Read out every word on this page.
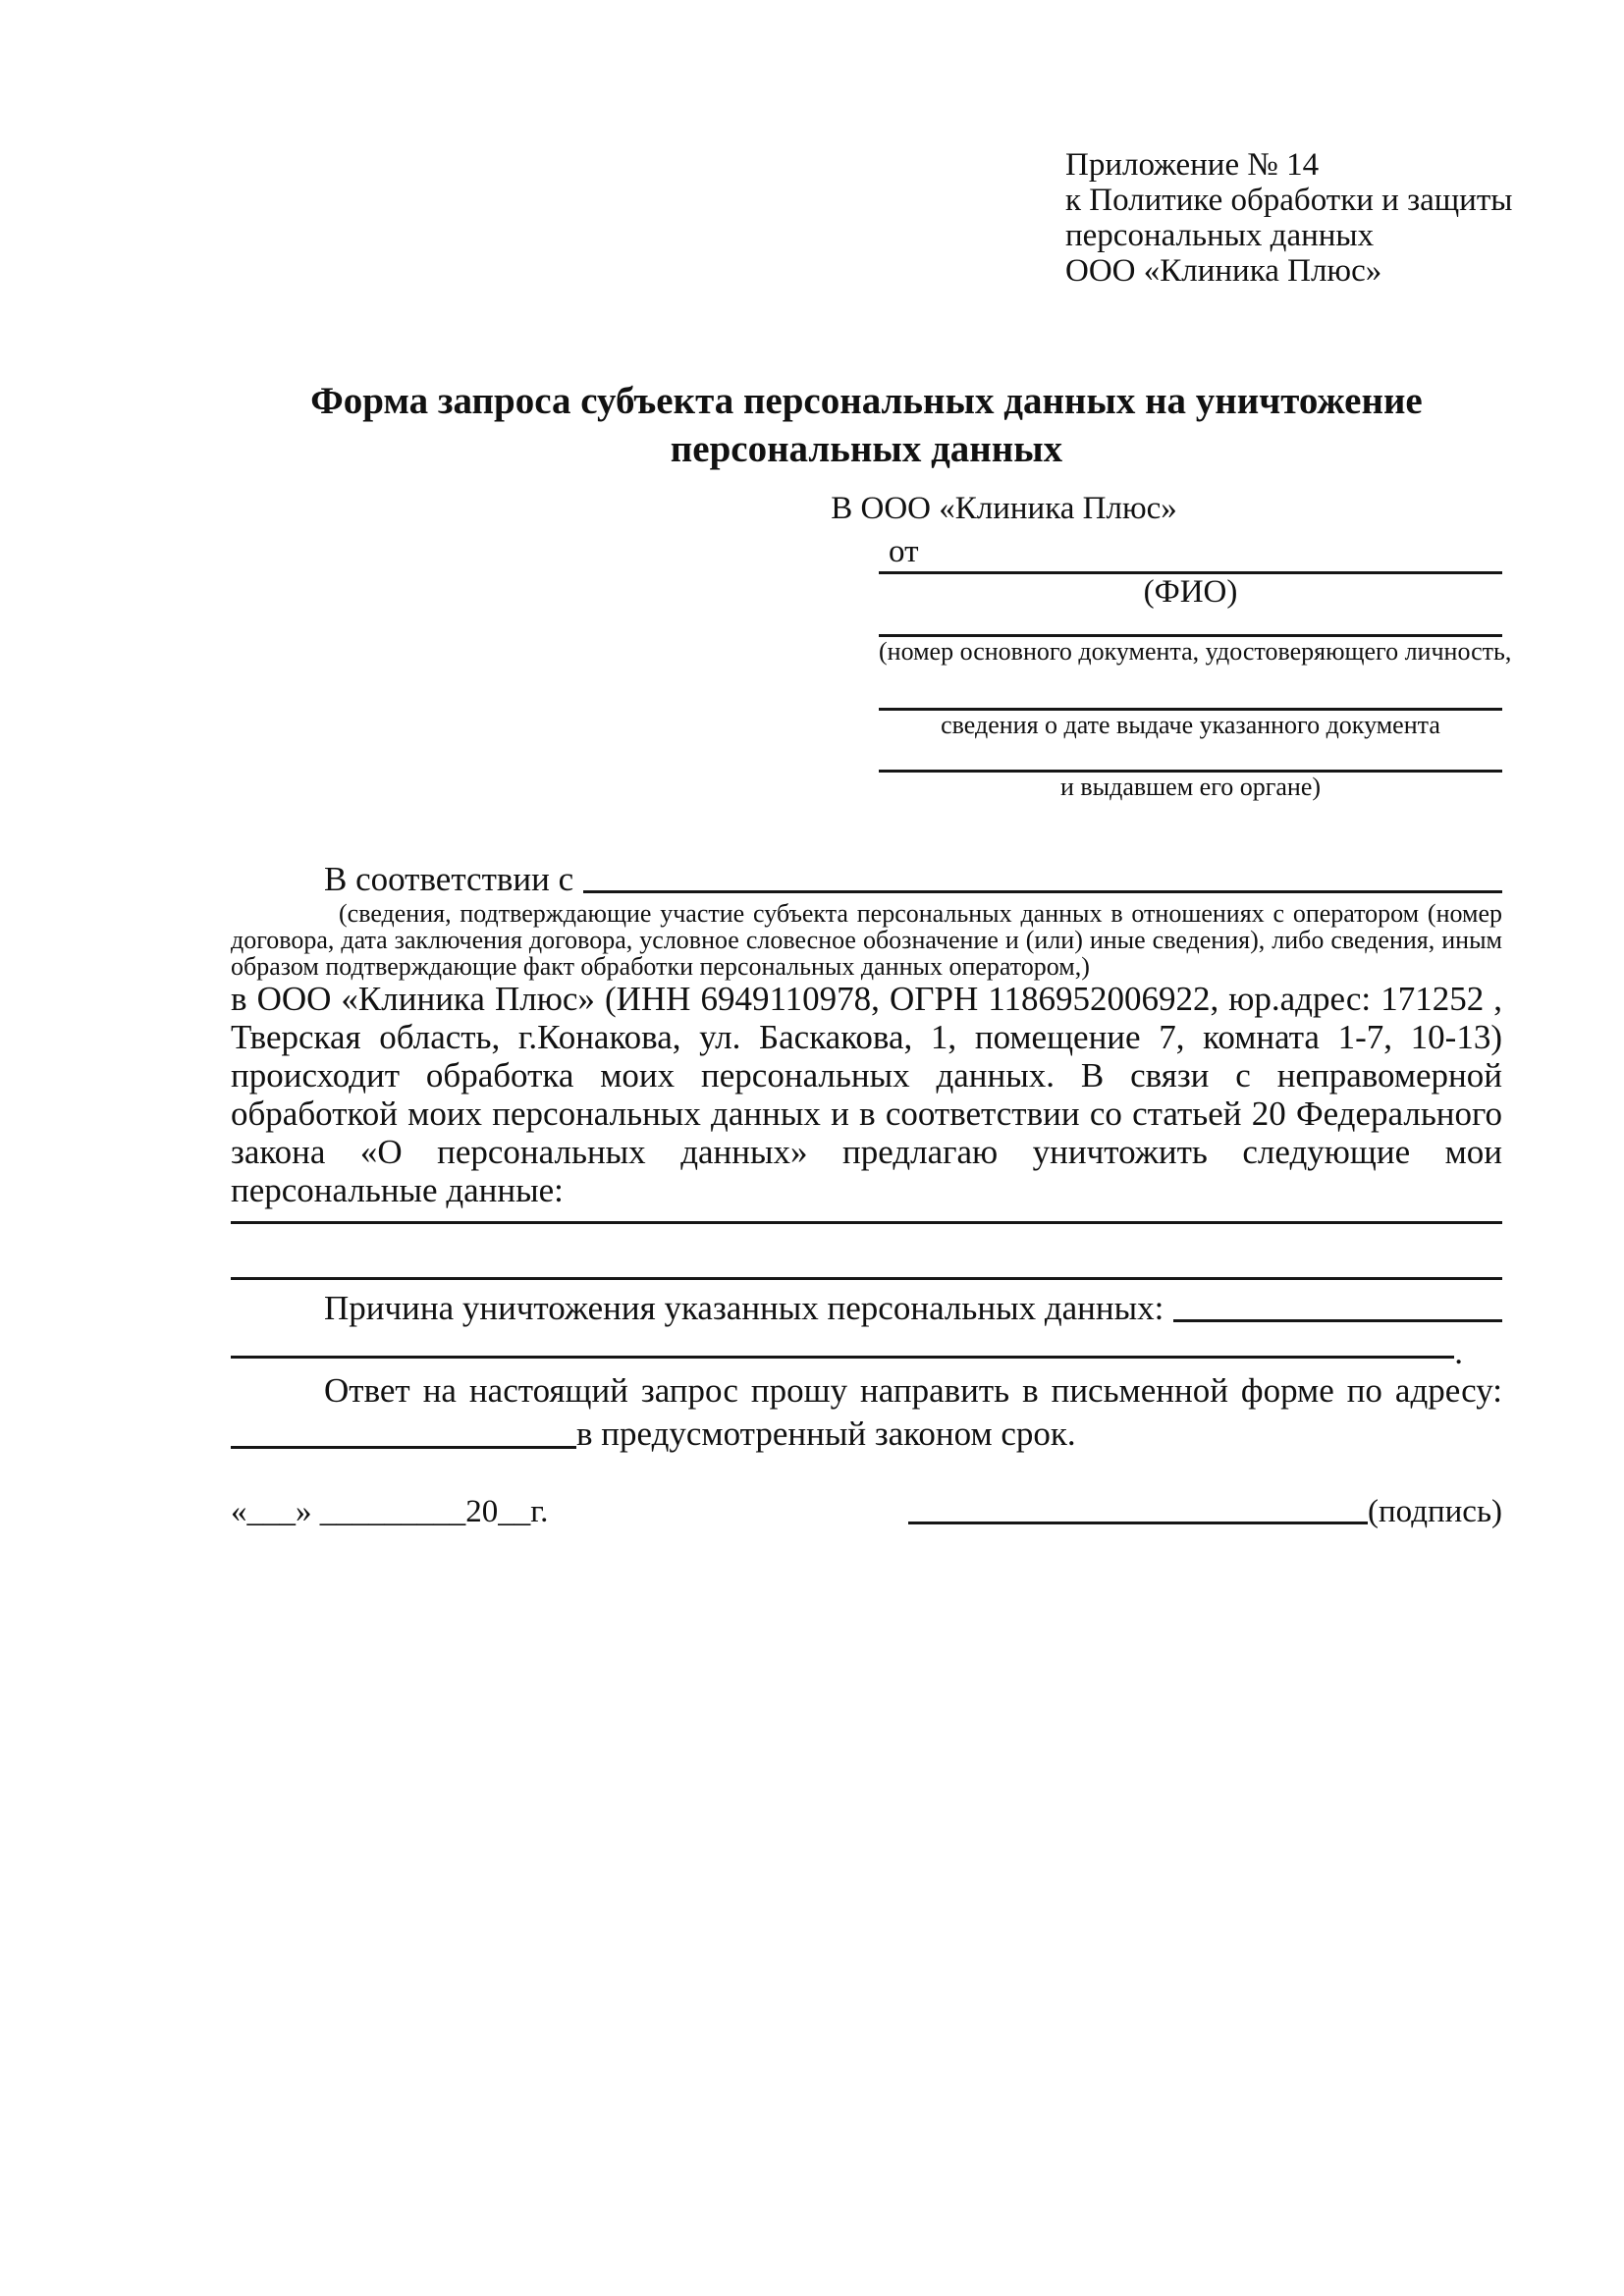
Приложение № 14
к Политике обработки и защиты
персональных данных
ООО «Клиника Плюс»
Форма запроса субъекта персональных данных на уничтожение
персональных данных
В ООО «Клиника Плюс»
от
(ФИО)
(номер основного документа, удостоверяющего личность,
сведения о дате выдаче указанного документа
и выдавшем его органе)
В соответствии с

(сведения, подтверждающие участие субъекта персональных данных в отношениях с оператором (номер договора, дата заключения договора, условное словесное обозначение и (или) иные сведения), либо сведения, иным образом подтверждающие факт обработки персональных данных оператором,)

в ООО «Клиника Плюс» (ИНН 6949110978, ОГРН 1186952006922, юр.адрес: 171252 , Тверская область, г.Конакова, ул. Баскакова, 1, помещение 7, комната 1-7, 10-13) происходит обработка моих персональных данных. В связи с неправомерной обработкой моих персональных данных и в соответствии со статьей 20 Федерального закона «О персональных данных» предлагаю уничтожить следующие мои персональные данные:

Причина уничтожения указанных персональных данных:
.
Ответ на настоящий запрос прошу направить в письменной форме по адресу:
в предусмотренный законом срок.
«___» _________20__г.	(подпись)
